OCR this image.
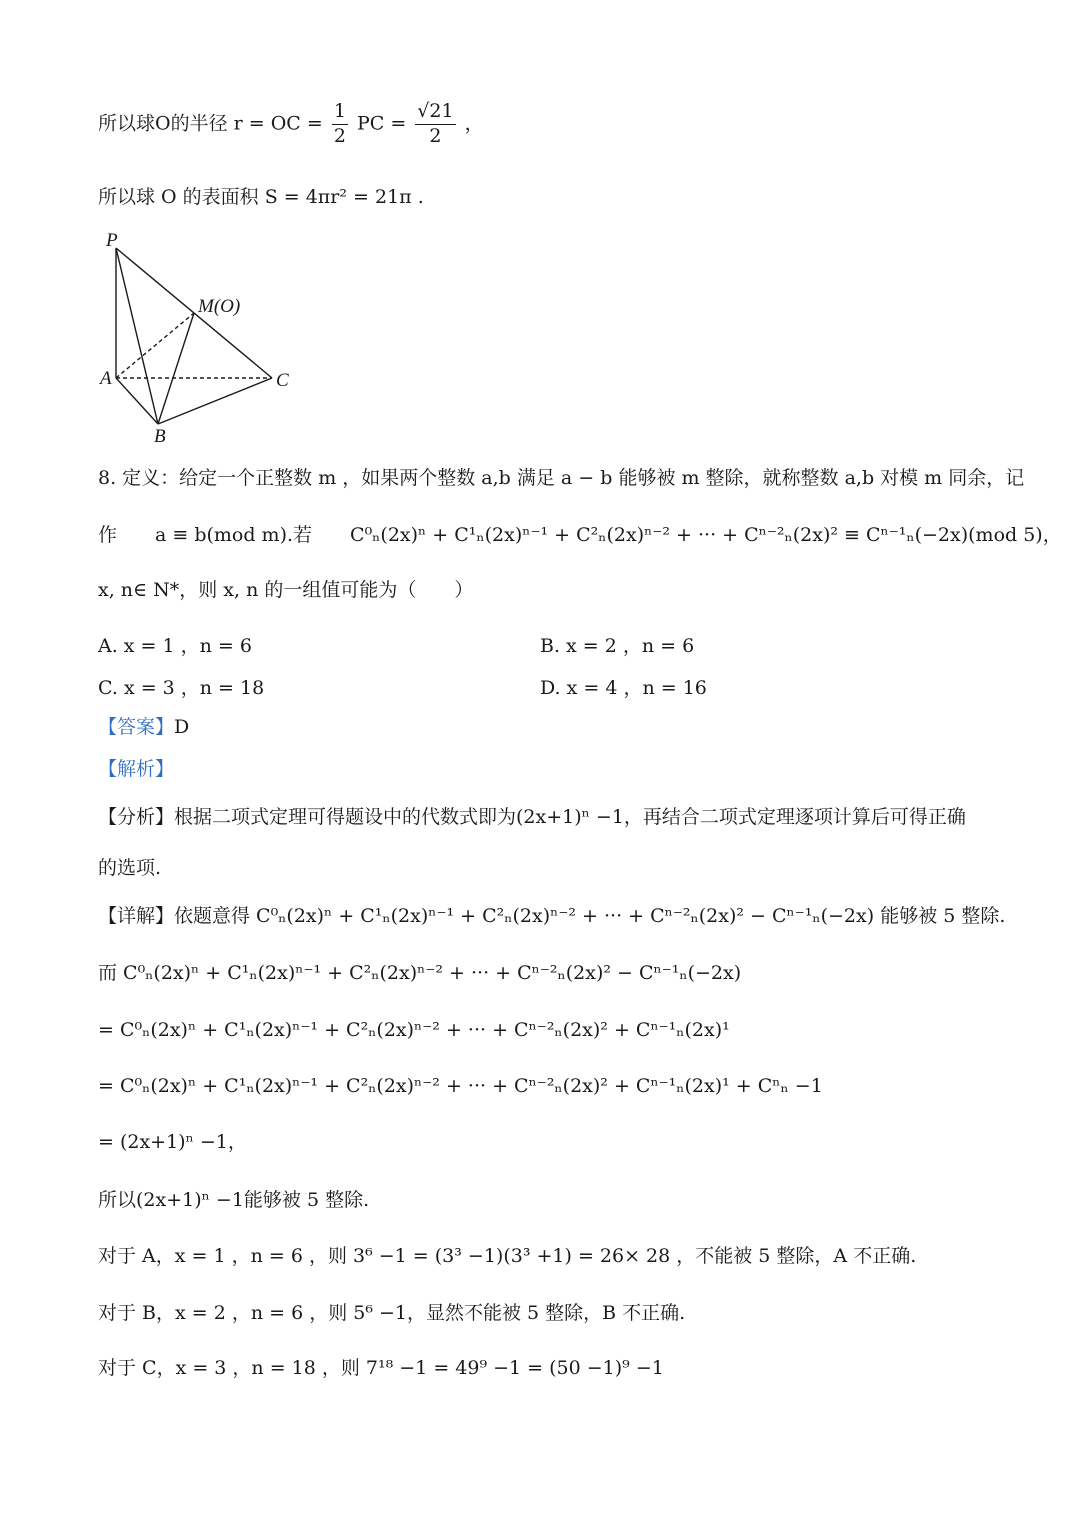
所以球O的半径 r = OC = $\frac{1}{2}$ PC = $\frac{√21}{2}$ ，
所以球 O 的表面积 S = 4πr² = 21π .
P
M(O)
A	C
B
8. 定义：给定一个正整数 m ，如果两个整数 a,b 满足 a − b 能够被 m 整除，就称整数 a,b 对模 m 同余，记
作　　a ≡ b(mod m).若　　C⁰ₙ(2x)ⁿ + C¹ₙ(2x)ⁿ⁻¹ + C²ₙ(2x)ⁿ⁻² + ··· + Cⁿ⁻²ₙ(2x)² ≡ Cⁿ⁻¹ₙ(−2x)(mod 5)，
x, n∈ N*，则 x, n 的一组值可能为（　　）
A. x = 1 ，n = 6	B. x = 2 ，n = 6
C. x = 3 ，n = 18	D. x = 4 ，n = 16
【答案】D
【解析】
【分析】根据二项式定理可得题设中的代数式即为(2x+1)ⁿ −1，再结合二项式定理逐项计算后可得正确
的选项.
【详解】依题意得 C⁰ₙ(2x)ⁿ + C¹ₙ(2x)ⁿ⁻¹ + C²ₙ(2x)ⁿ⁻² + ··· + Cⁿ⁻²ₙ(2x)² − Cⁿ⁻¹ₙ(−2x) 能够被 5 整除.
而 C⁰ₙ(2x)ⁿ + C¹ₙ(2x)ⁿ⁻¹ + C²ₙ(2x)ⁿ⁻² + ··· + Cⁿ⁻²ₙ(2x)² − Cⁿ⁻¹ₙ(−2x)
= C⁰ₙ(2x)ⁿ + C¹ₙ(2x)ⁿ⁻¹ + C²ₙ(2x)ⁿ⁻² + ··· + Cⁿ⁻²ₙ(2x)² + Cⁿ⁻¹ₙ(2x)¹
= C⁰ₙ(2x)ⁿ + C¹ₙ(2x)ⁿ⁻¹ + C²ₙ(2x)ⁿ⁻² + ··· + Cⁿ⁻²ₙ(2x)² + Cⁿ⁻¹ₙ(2x)¹ + Cⁿₙ −1
= (2x+1)ⁿ −1，
所以(2x+1)ⁿ −1能够被 5 整除.
对于 A，x = 1 ，n = 6 ，则 3⁶ −1 = (3³ −1)(3³ +1) = 26× 28 ，不能被 5 整除，A 不正确.
对于 B，x = 2 ，n = 6 ，则 5⁶ −1，显然不能被 5 整除，B 不正确.
对于 C，x = 3 ，n = 18 ，则 7¹⁸ −1 = 49⁹ −1 = (50 −1)⁹ −1
